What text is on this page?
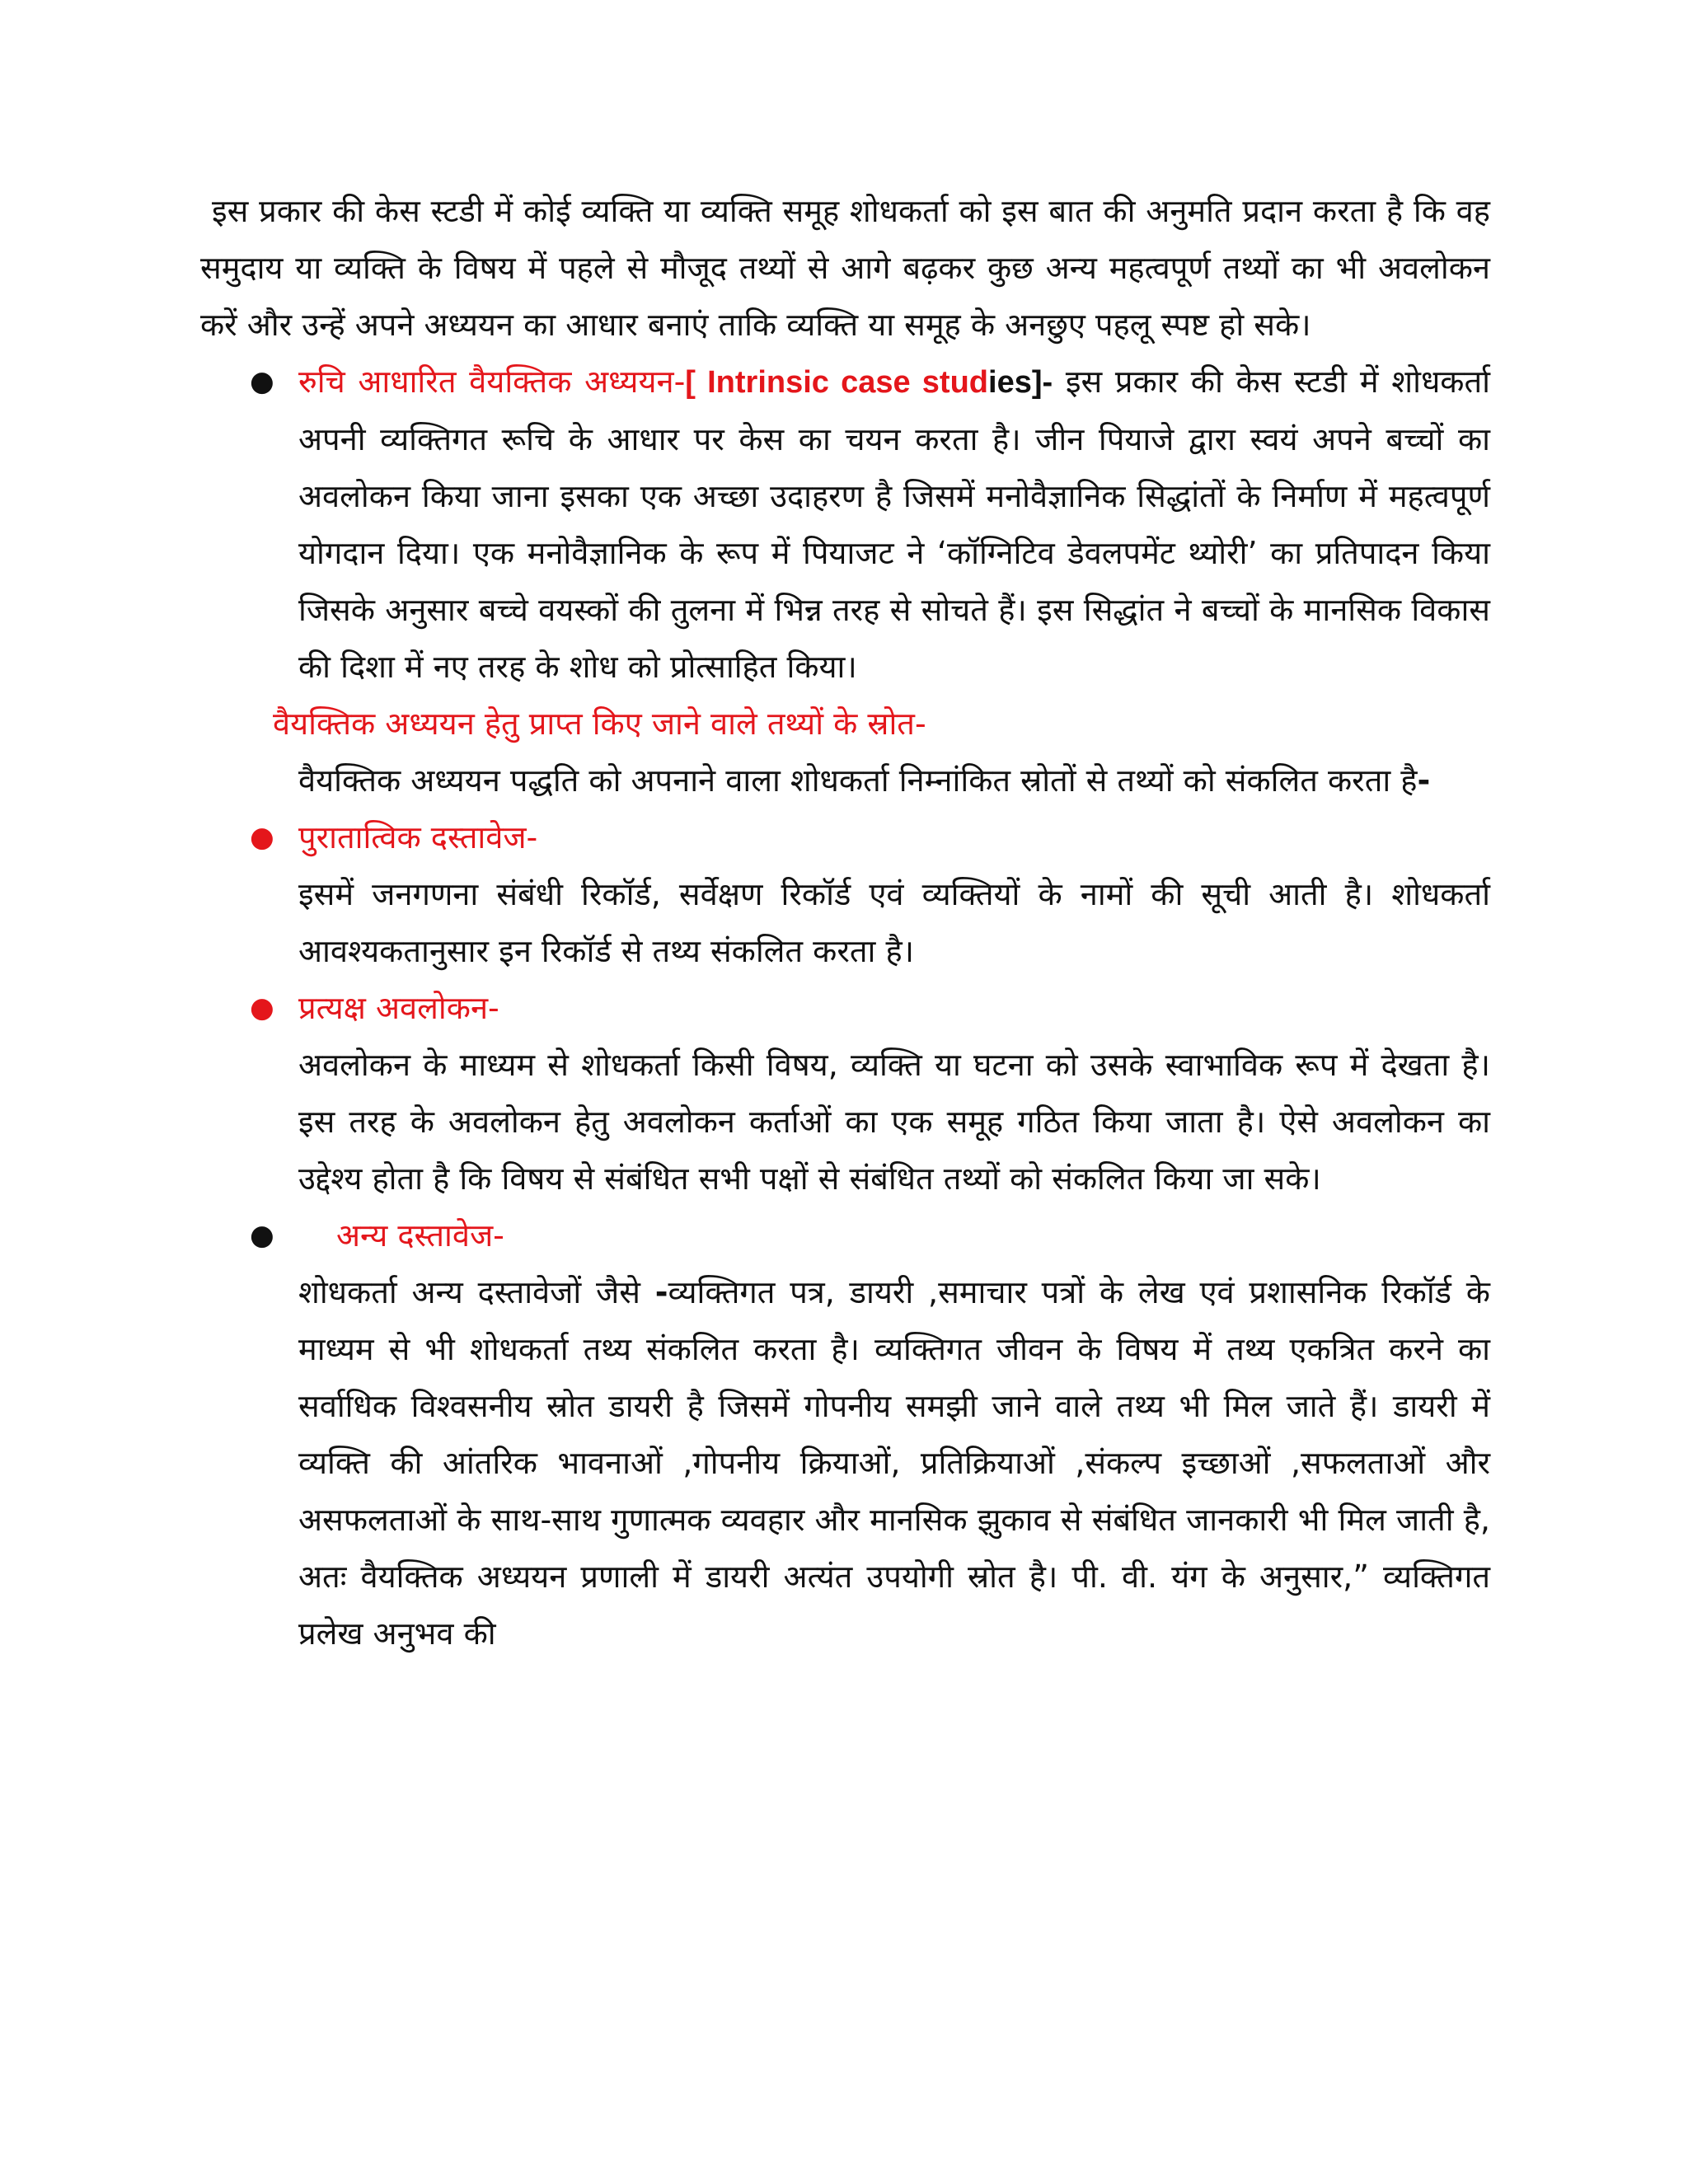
इस प्रकार की केस स्टडी में कोई व्यक्ति या व्यक्ति समूह शोधकर्ता को इस बात की अनुमति प्रदान करता है कि वह समुदाय या व्यक्ति के विषय में पहले से मौजूद तथ्यों से आगे बढ़कर कुछ अन्य महत्वपूर्ण तथ्यों का भी अवलोकन करें और उन्हें अपने अध्ययन का आधार बनाएं ताकि व्यक्ति या समूह के अनछुए पहलू स्पष्ट हो सके।

● रुचि आधारित वैयक्तिक अध्ययन-[ Intrinsic case studies]- इस प्रकार की केस स्टडी में शोधकर्ता अपनी व्यक्तिगत रूचि के आधार पर केस का चयन करता है। जीन पियाजे द्वारा स्वयं अपने बच्चों का अवलोकन किया जाना इसका एक अच्छा उदाहरण है जिसमें मनोवैज्ञानिक सिद्धांतों के निर्माण में महत्वपूर्ण योगदान दिया। एक मनोवैज्ञानिक के रूप में पियाजट ने ‘कॉग्निटिव डेवलपमेंट थ्योरी’ का प्रतिपादन किया जिसके अनुसार बच्चे वयस्कों की तुलना में भिन्न तरह से सोचते हैं। इस सिद्धांत ने बच्चों के मानसिक विकास की दिशा में नए तरह के शोध को प्रोत्साहित किया।

वैयक्तिक अध्ययन हेतु प्राप्त किए जाने वाले तथ्यों के स्रोत-

वैयक्तिक अध्ययन पद्धति को अपनाने वाला शोधकर्ता निम्नांकित स्रोतों से तथ्यों को संकलित करता है-

● पुरातात्विक दस्तावेज-

इसमें जनगणना संबंधी रिकॉर्ड, सर्वेक्षण रिकॉर्ड एवं व्यक्तियों के नामों की सूची आती है। शोधकर्ता आवश्यकतानुसार इन रिकॉर्ड से तथ्य संकलित करता है।

● प्रत्यक्ष अवलोकन-

अवलोकन के माध्यम से शोधकर्ता किसी विषय, व्यक्ति या घटना को उसके स्वाभाविक रूप में देखता है। इस तरह के अवलोकन हेतु अवलोकन कर्ताओं का एक समूह गठित किया जाता है। ऐसे अवलोकन का उद्देश्य होता है कि विषय से संबंधित सभी पक्षों से संबंधित तथ्यों को संकलित किया जा सके।

● अन्य दस्तावेज-

शोधकर्ता अन्य दस्तावेजों जैसे -व्यक्तिगत पत्र, डायरी ,समाचार पत्रों के लेख एवं प्रशासनिक रिकॉर्ड के माध्यम से भी शोधकर्ता तथ्य संकलित करता है। व्यक्तिगत जीवन के विषय में तथ्य एकत्रित करने का सर्वाधिक विश्वसनीय स्रोत डायरी है जिसमें गोपनीय समझी जाने वाले तथ्य भी मिल जाते हैं। डायरी में व्यक्ति की आंतरिक भावनाओं ,गोपनीय क्रियाओं, प्रतिक्रियाओं ,संकल्प इच्छाओं ,सफलताओं और असफलताओं के साथ-साथ गुणात्मक व्यवहार और मानसिक झुकाव से संबंधित जानकारी भी मिल जाती है, अतः वैयक्तिक अध्ययन प्रणाली में डायरी अत्यंत उपयोगी स्रोत है। पी. वी. यंग के अनुसार,” व्यक्तिगत प्रलेख अनुभव की
